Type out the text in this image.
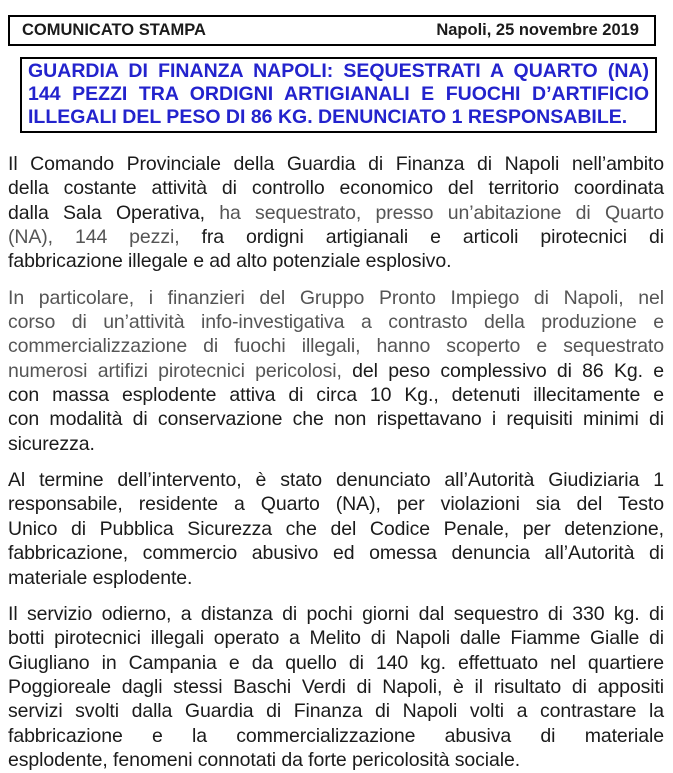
COMUNICATO STAMPA	Napoli, 25 novembre 2019
GUARDIA DI FINANZA NAPOLI: SEQUESTRATI A QUARTO (NA)
144 PEZZI TRA ORDIGNI ARTIGIANALI E FUOCHI D’ARTIFICIO
ILLEGALI DEL PESO DI 86 KG. DENUNCIATO 1 RESPONSABILE.

Il Comando Provinciale della Guardia di Finanza di Napoli nell’ambito
della costante attività di controllo economico del territorio coordinata
dalla Sala Operativa, ha sequestrato, presso un’abitazione di Quarto
(NA), 144 pezzi, fra ordigni artigianali e articoli pirotecnici di
fabbricazione illegale e ad alto potenziale esplosivo.

In particolare, i finanzieri del Gruppo Pronto Impiego di Napoli, nel
corso di un’attività info-investigativa a contrasto della produzione e
commercializzazione di fuochi illegali, hanno scoperto e sequestrato
numerosi artifizi pirotecnici pericolosi, del peso complessivo di 86 Kg. e
con massa esplodente attiva di circa 10 Kg., detenuti illecitamente e
con modalità di conservazione che non rispettavano i requisiti minimi di
sicurezza.

Al termine dell’intervento, è stato denunciato all’Autorità Giudiziaria 1
responsabile, residente a Quarto (NA), per violazioni sia del Testo
Unico di Pubblica Sicurezza che del Codice Penale, per detenzione,
fabbricazione, commercio abusivo ed omessa denuncia all’Autorità di
materiale esplodente.

Il servizio odierno, a distanza di pochi giorni dal sequestro di 330 kg. di
botti pirotecnici illegali operato a Melito di Napoli dalle Fiamme Gialle di
Giugliano in Campania e da quello di 140 kg. effettuato nel quartiere
Poggioreale dagli stessi Baschi Verdi di Napoli, è il risultato di appositi
servizi svolti dalla Guardia di Finanza di Napoli volti a contrastare la
fabbricazione e la commercializzazione abusiva di materiale
esplodente, fenomeni connotati da forte pericolosità sociale.
